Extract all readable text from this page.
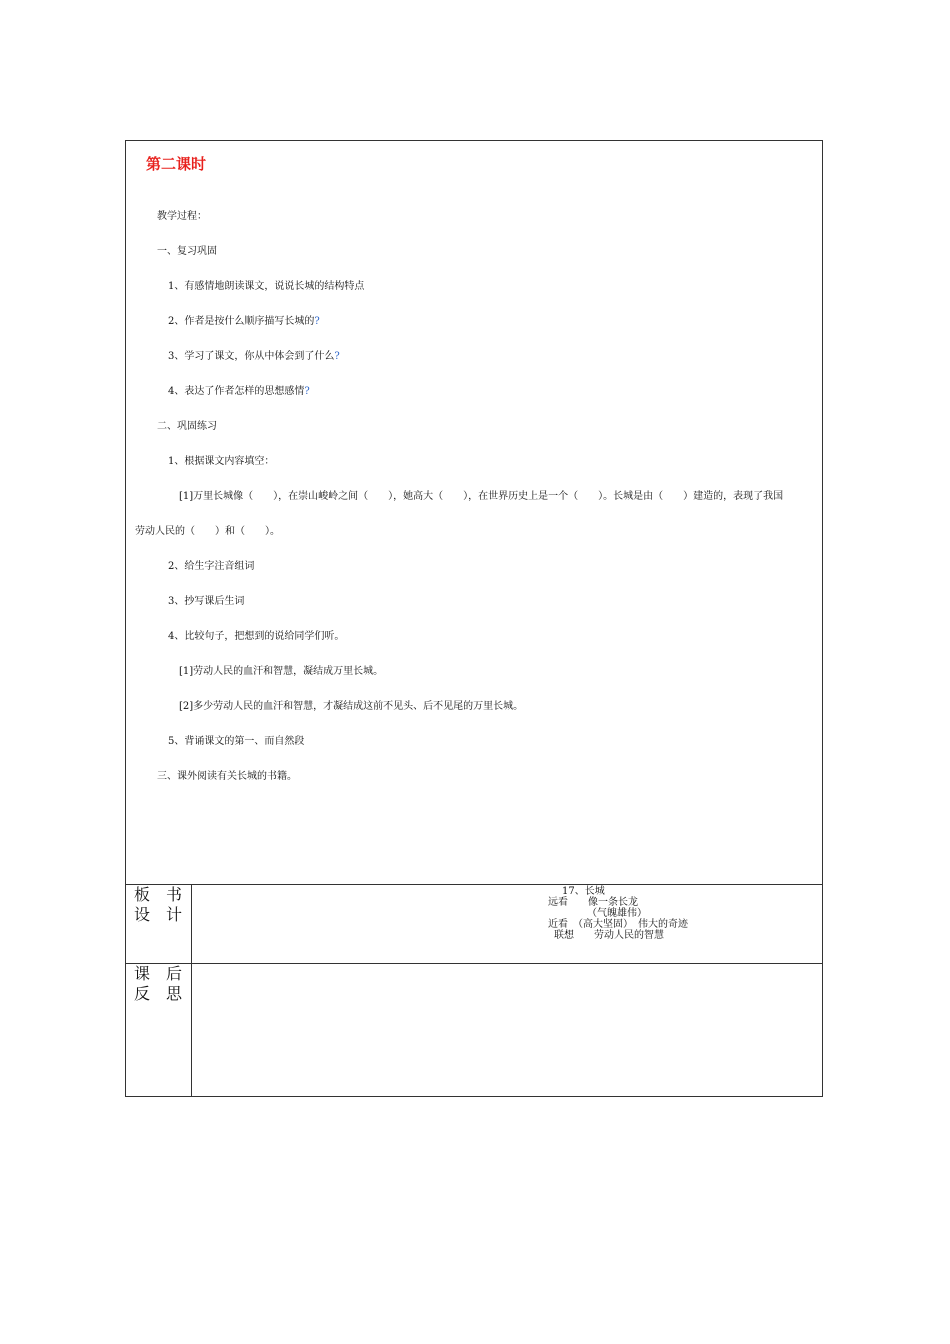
第二课时
教学过程：
一、复习巩固
1、有感情地朗读课文，说说长城的结构特点
2、作者是按什么顺序描写长城的?
3、学习了课文，你从中体会到了什么?
4、表达了作者怎样的思想感情?
二、巩固练习
1、根据课文内容填空：
[1]万里长城像（　　），在崇山峻岭之间（　　），她高大（　　），在世界历史上是一个（　　）。长城是由（　　）建造的，表现了我国
劳动人民的（　　）和（　　）。
2、给生字注音组词
3、抄写课后生词
4、比较句子，把想到的说给同学们听。
[1]劳动人民的血汗和智慧，凝结成万里长城。
[2]多少劳动人民的血汗和智慧，才凝结成这前不见头、后不见尾的万里长城。
5、背诵课文的第一、而自然段
三、课外阅读有关长城的书籍。
板　书
设　计
17、长城
远看　　像一条长龙
（气魄雄伟）
近看　（高大坚固）　伟大的奇迹
联想　　劳动人民的智慧
课　后
反　思
